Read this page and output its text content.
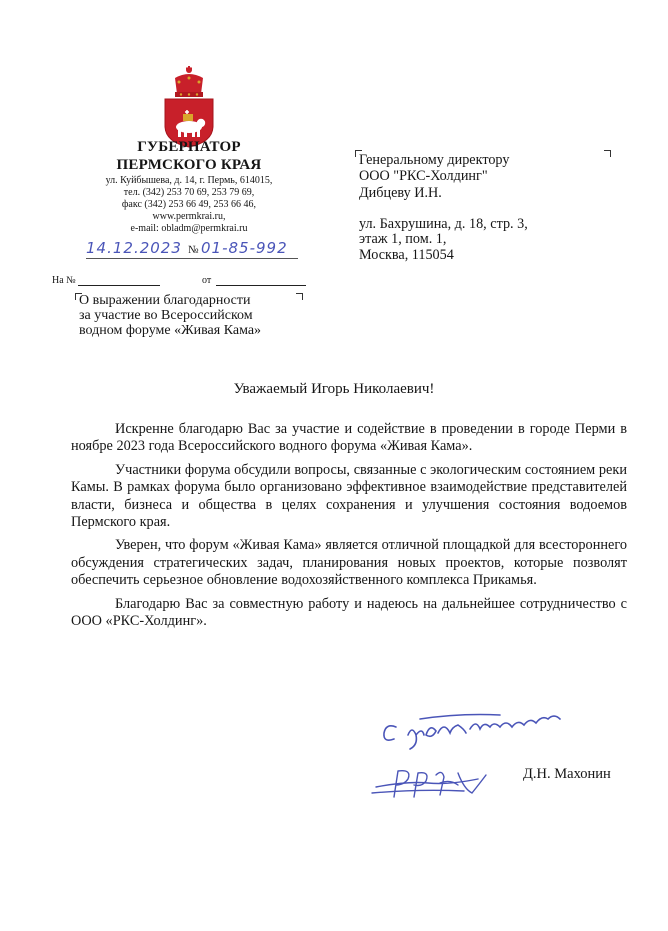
ГУБЕРНАТОР
ПЕРМСКОГО КРАЯ
ул. Куйбышева, д. 14, г. Пермь, 614015,
тел. (342) 253 70 69, 253 79 69,
факс (342) 253 66 49, 253 66 46,
www.permkrai.ru,
e-mail: obladm@permkrai.ru
14.12.2023 № 01-85-992
На №	от
О выражении благодарности
за участие во Всероссийском
водном форуме «Живая Кама»
Генеральному директору
ООО "РКС-Холдинг"
Дибцеву И.Н.
ул. Бахрушина, д. 18, стр. 3,
этаж 1, пом. 1,
Москва, 115054
Уважаемый Игорь Николаевич!

Искренне благодарю Вас за участие и содействие в проведении в городе Перми в ноябре 2023 года Всероссийского водного форума «Живая Кама».

Участники форума обсудили вопросы, связанные с экологическим состоянием реки Камы. В рамках форума было организовано эффективное взаимодействие представителей власти, бизнеса и общества в целях сохранения и улучшения состояния водоемов Пермского края.

Уверен, что форум «Живая Кама» является отличной площадкой для всестороннего обсуждения стратегических задач, планирования новых проектов, которые позволят обеспечить серьезное обновление водохозяйственного комплекса Прикамья.

Благодарю Вас за совместную работу и надеюсь на дальнейшее сотрудничество с ООО «РКС-Холдинг».

Д.Н. Махонин
